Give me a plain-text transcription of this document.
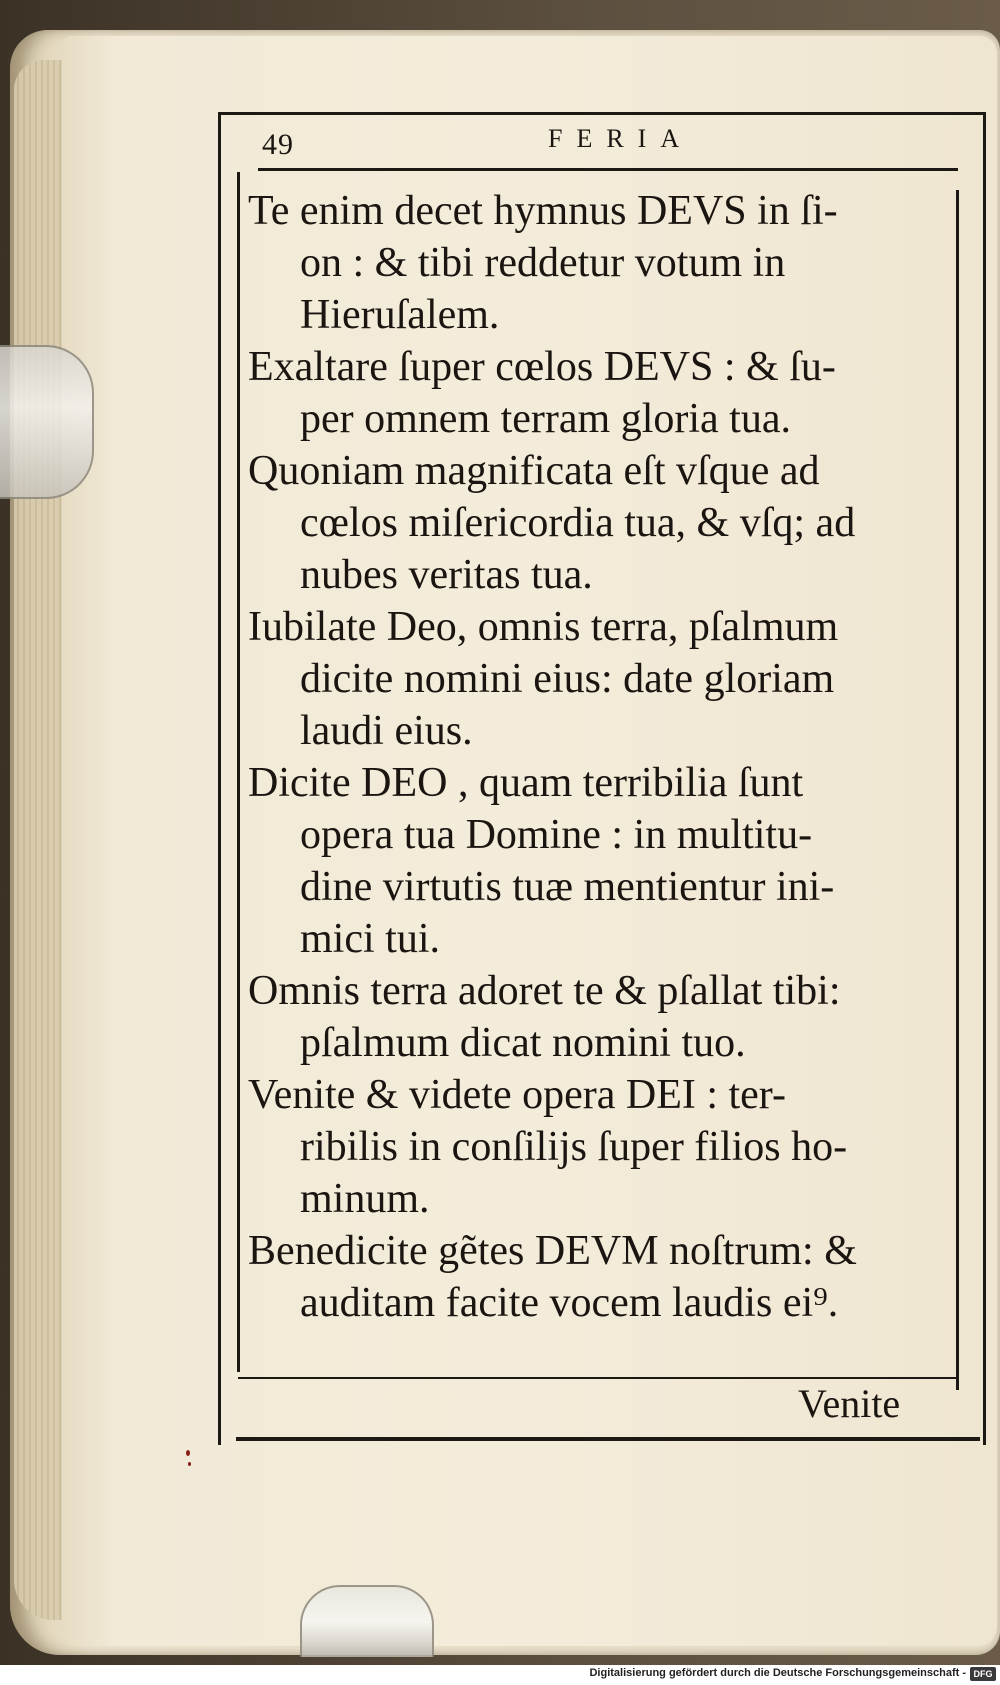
49	FERIA
Te enim decet hymnus DEVS in ſi-
on : & tibi reddetur votum in
Hieruſalem.
Exaltare ſuper cœlos DEVS : & ſu-
per omnem terram gloria tua.
Quoniam magnificata eſt vſque ad
cœlos miſericordia tua, & vſq; ad
nubes veritas tua.
Iubilate Deo, omnis terra, pſalmum
dicite nomini eius: date gloriam
laudi eius.
Dicite DEO , quam terribilia ſunt
opera tua Domine : in multitu-
dine virtutis tuæ mentientur ini-
mici tui.
Omnis terra adoret te & pſallat tibi:
pſalmum dicat nomini tuo.
Venite & videte opera DEI : ter-
ribilis in conſilijs ſuper filios ho-
minum.
Benedicite gẽtes DEVM noſtrum: &
auditam facite vocem laudis ei⁹.
Venite
Digitalisierung gefördert durch die Deutsche Forschungsgemeinschaft - DFG
